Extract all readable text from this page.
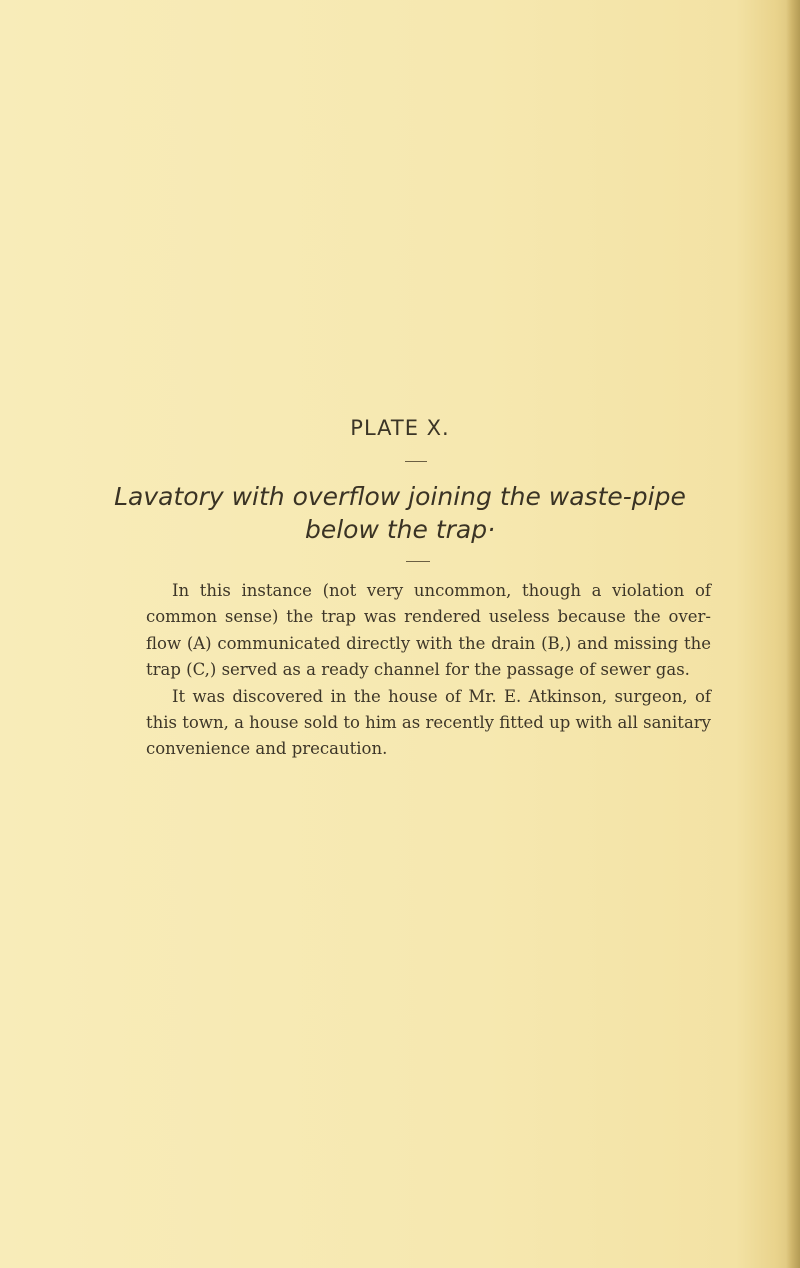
PLATE X.
Lavatory with overflow joining the waste-pipe
below the trap·

In this instance (not very uncommon, though a violation of common sense) the trap was rendered useless because the over-flow (A) communicated directly with the drain (B,) and missing the trap (C,) served as a ready channel for the passage of sewer gas.

It was discovered in the house of Mr. E. Atkinson, surgeon, of this town, a house sold to him as recently fitted up with all sanitary convenience and precaution.
